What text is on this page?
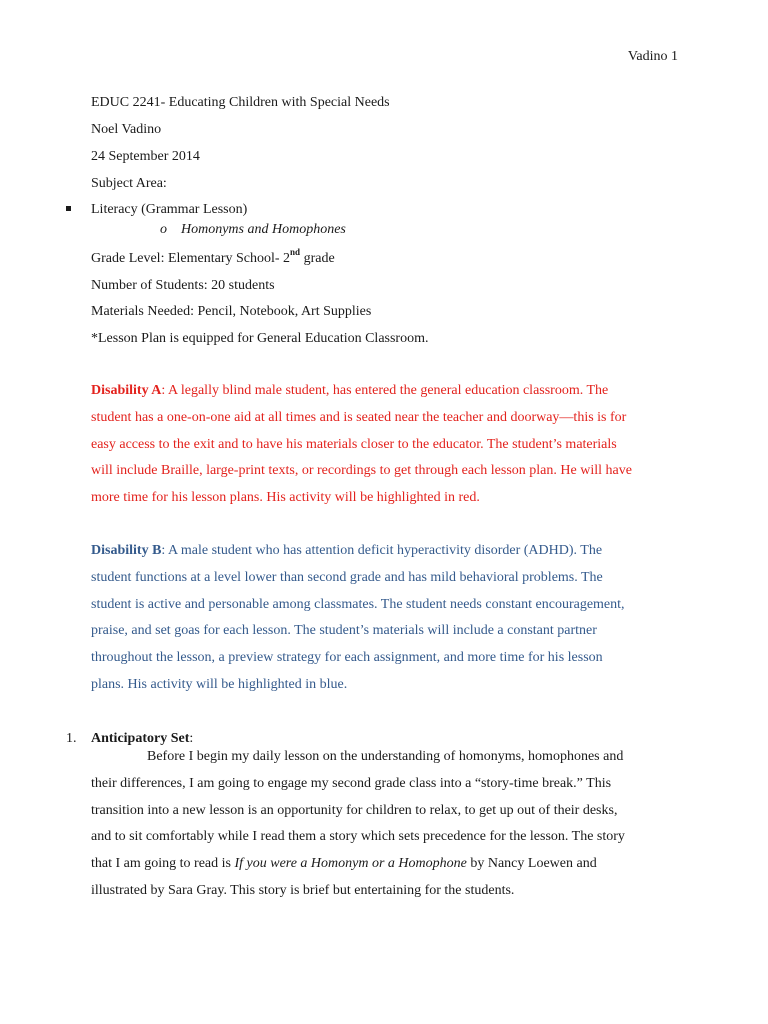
Vadino 1
EDUC 2241- Educating Children with Special Needs
Noel Vadino
24 September 2014
Subject Area:
Literacy (Grammar Lesson)
o Homonyms and Homophones
Grade Level: Elementary School- 2nd grade
Number of Students: 20 students
Materials Needed: Pencil, Notebook, Art Supplies
*Lesson Plan is equipped for General Education Classroom.

Disability A: A legally blind male student, has entered the general education classroom. The

student has a one-on-one aid at all times and is seated near the teacher and doorway—this is for

easy access to the exit and to have his materials closer to the educator. The student’s materials

will include Braille, large-print texts, or recordings to get through each lesson plan. He will have

more time for his lesson plans. His activity will be highlighted in red.

Disability B: A male student who has attention deficit hyperactivity disorder (ADHD). The

student functions at a level lower than second grade and has mild behavioral problems. The

student is active and personable among classmates. The student needs constant encouragement,

praise, and set goas for each lesson. The student’s materials will include a constant partner

throughout the lesson, a preview strategy for each assignment, and more time for his lesson

plans. His activity will be highlighted in blue.

1. Anticipatory Set:

Before I begin my daily lesson on the understanding of homonyms, homophones and

their differences, I am going to engage my second grade class into a “story-time break.” This

transition into a new lesson is an opportunity for children to relax, to get up out of their desks,

and to sit comfortably while I read them a story which sets precedence for the lesson. The story

that I am going to read is If you were a Homonym or a Homophone by Nancy Loewen and

illustrated by Sara Gray. This story is brief but entertaining for the students.
